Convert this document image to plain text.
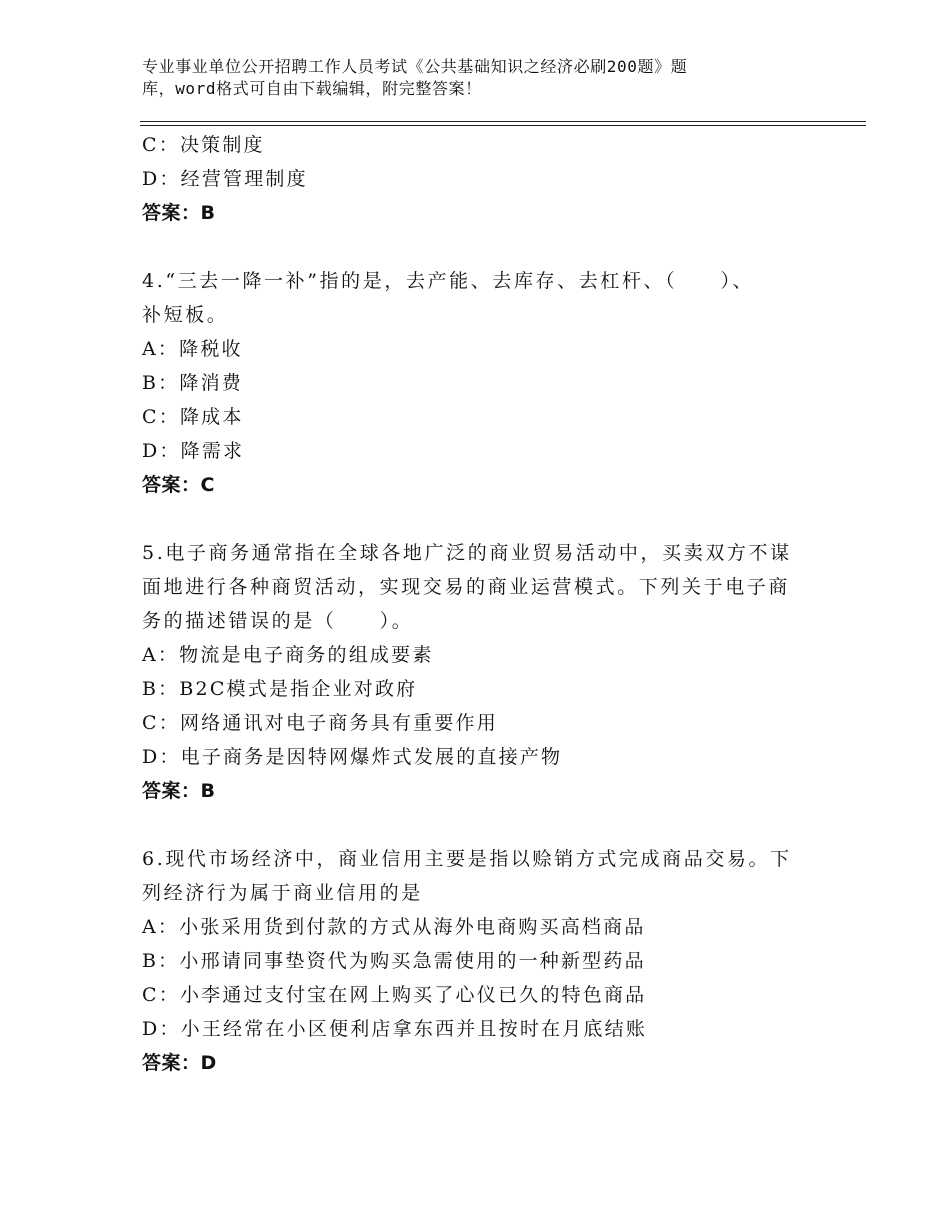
专业事业单位公开招聘工作人员考试《公共基础知识之经济必刷200题》题
库，word格式可自由下载编辑，附完整答案！
C：决策制度
D：经营管理制度
答案：B
4.“三去一降一补”指的是，去产能、去库存、去杠杆、（　　）、
补短板。
A：降税收
B：降消费
C：降成本
D：降需求
答案：C
5.电子商务通常指在全球各地广泛的商业贸易活动中，买卖双方不谋
面地进行各种商贸活动，实现交易的商业运营模式。下列关于电子商
务的描述错误的是（　　）。
A：物流是电子商务的组成要素
B：B2C模式是指企业对政府
C：网络通讯对电子商务具有重要作用
D：电子商务是因特网爆炸式发展的直接产物
答案：B
6.现代市场经济中，商业信用主要是指以赊销方式完成商品交易。下
列经济行为属于商业信用的是
A：小张采用货到付款的方式从海外电商购买高档商品
B：小邢请同事垫资代为购买急需使用的一种新型药品
C：小李通过支付宝在网上购买了心仪已久的特色商品
D：小王经常在小区便利店拿东西并且按时在月底结账
答案：D
